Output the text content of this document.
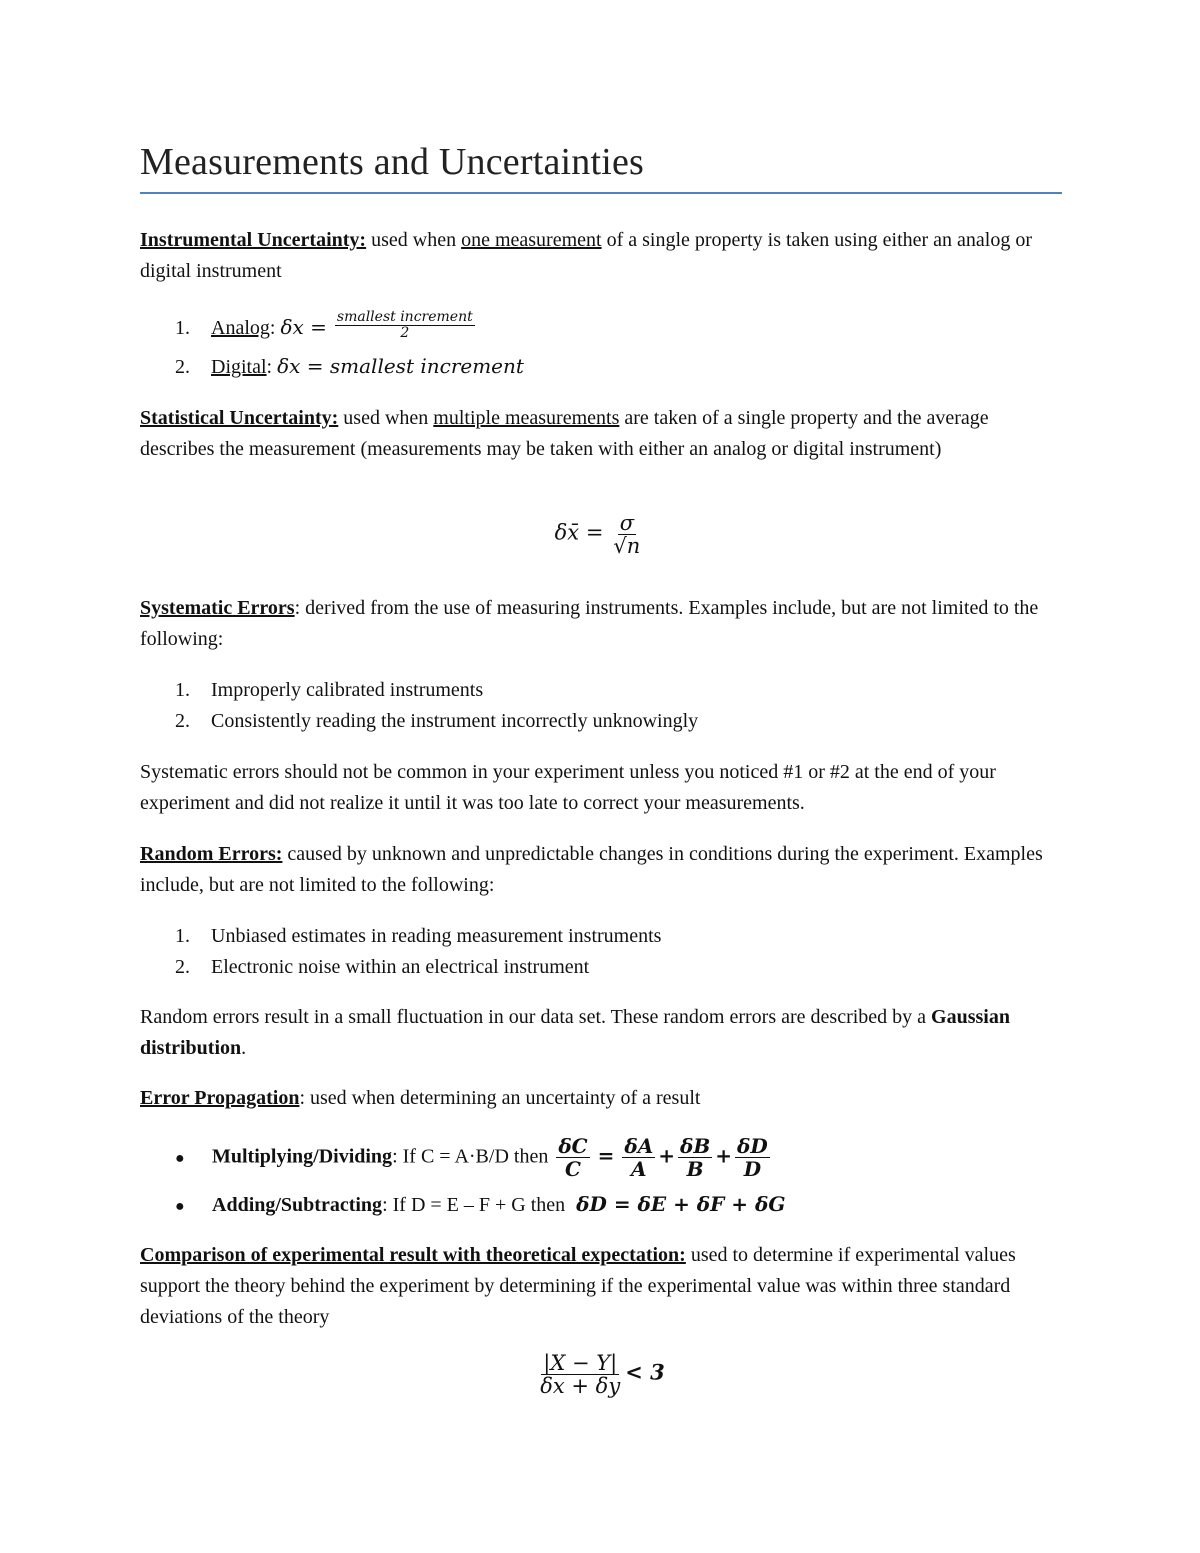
Measurements and Uncertainties
Instrumental Uncertainty: used when one measurement of a single property is taken using either an analog or digital instrument
1. Analog: $\delta x = \frac{\text{smallest increment}}{2}$
2. Digital: δx = smallest increment
Statistical Uncertainty: used when multiple measurements are taken of a single property and the average describes the measurement (measurements may be taken with either an analog or digital instrument)
δx̄ = $\frac{\sigma}{√n}$
Systematic Errors: derived from the use of measuring instruments. Examples include, but are not limited to the following:
1. Improperly calibrated instruments
2. Consistently reading the instrument incorrectly unknowingly
Systematic errors should not be common in your experiment unless you noticed #1 or #2 at the end of your experiment and did not realize it until it was too late to correct your measurements.
Random Errors: caused by unknown and unpredictable changes in conditions during the experiment. Examples include, but are not limited to the following:
1. Unbiased estimates in reading measurement instruments
2. Electronic noise within an electrical instrument
Random errors result in a small fluctuation in our data set. These random errors are described by a Gaussian distribution.
Error Propagation: used when determining an uncertainty of a result
● Multiplying/Dividing: If C = A·B/D then $\frac{\delta C}{C} = \frac{\delta A}{A} + \frac{\delta B}{B} + \frac{\delta D}{D}$
● Adding/Subtracting: If D = E – F + G then δD = δE + δF + δG
Comparison of experimental result with theoretical expectation: used to determine if experimental values support the theory behind the experiment by determining if the experimental value was within three standard deviations of the theory
$\frac{|X - Y|}{\delta x + \delta y} < 3$
